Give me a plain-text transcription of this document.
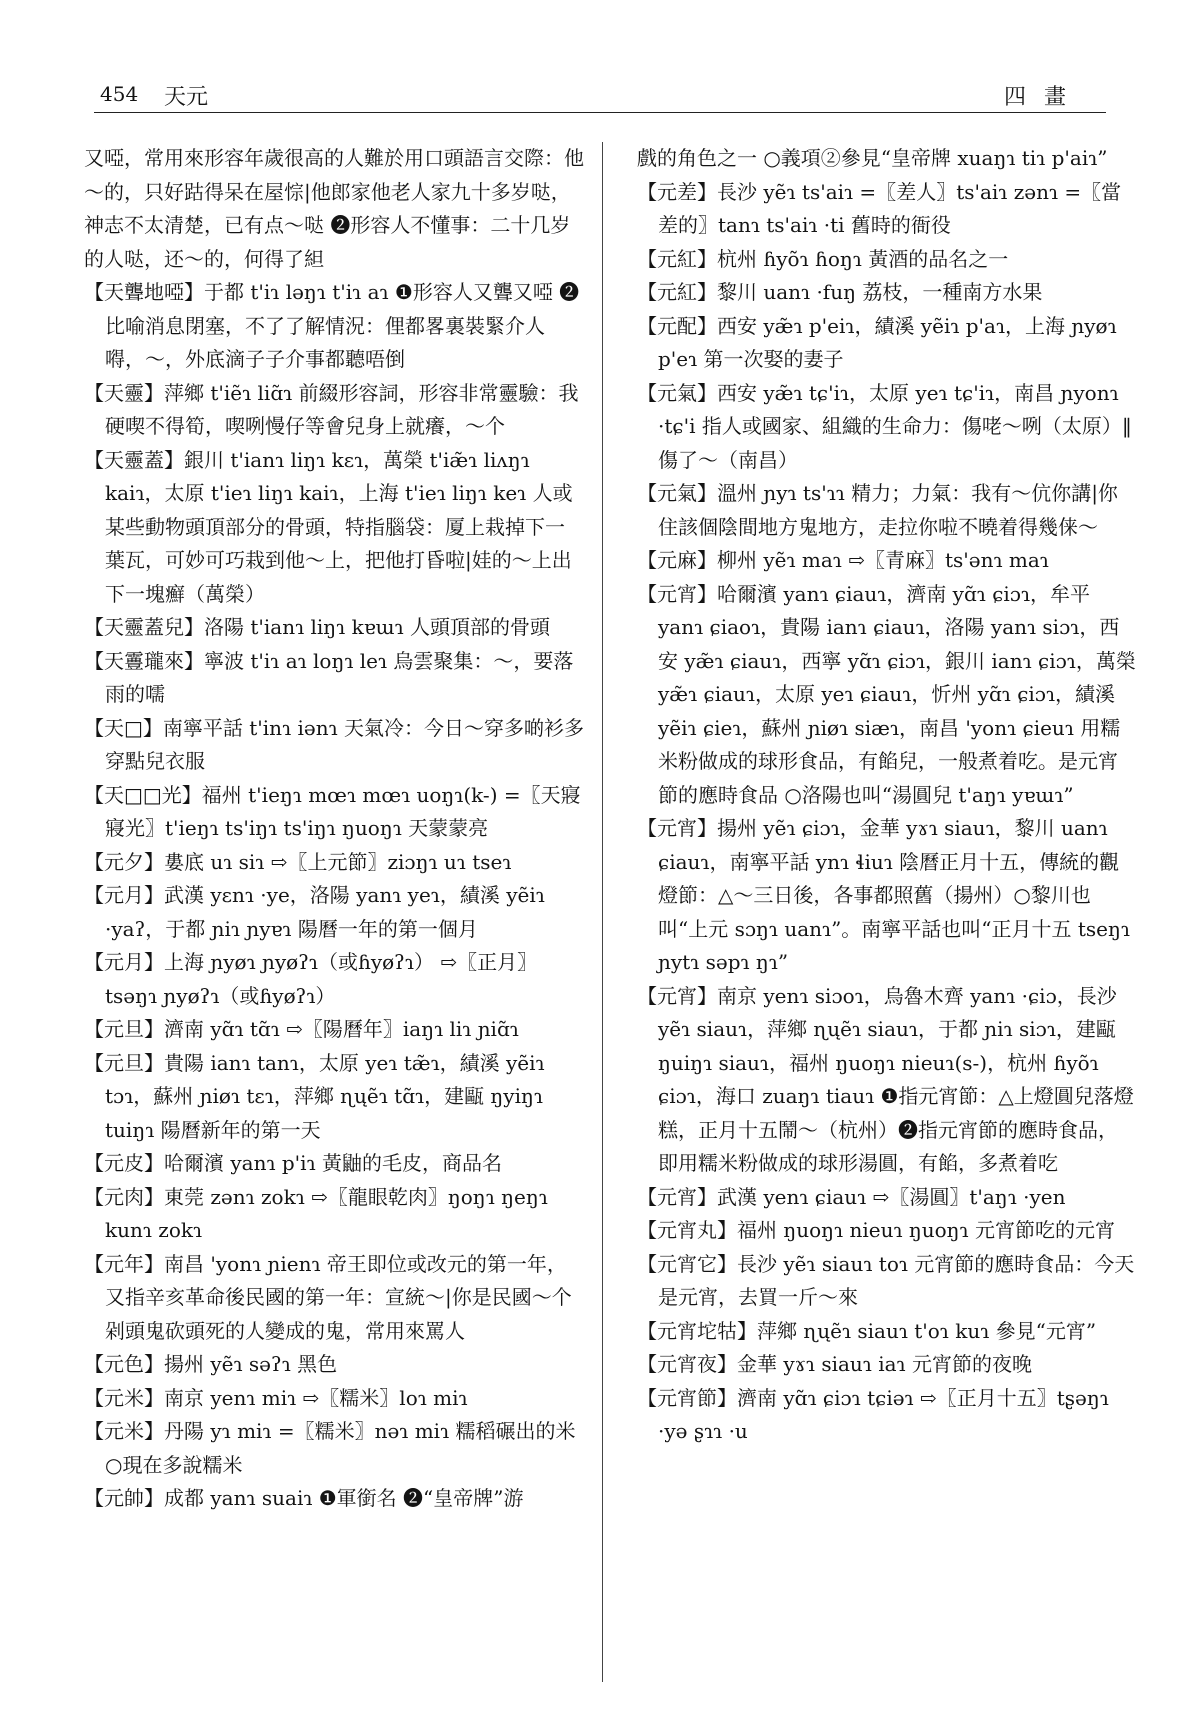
454 天元	四畫
又啞，常用來形容年歲很高的人難於用口頭語言交際：他～的，只好跍得呆在屋悰|他郎家他老人家九十多岁哒，神志不太清楚，已有点～哒 ❷形容人不懂事：二十几岁的人哒，还～的，何得了䋎
【天聾地啞】于都 t'iɿ ləŋɿ t'iɿ aɿ ❶形容人又聾又啞 ❷比喻消息閉塞，不了了解情況：俚都畧裏裝緊介人嘚，～，外底滴子子介事都聽唔倒
【天靈】萍鄉 t'iẽɿ liɑ̃ɿ 前綴形容詞，形容非常靈驗：我硬喫不得筍，喫咧慢仔等會兒身上就癢，～个
【天靈蓋】銀川 t'ianɿ liŋɿ kɛɿ，萬榮 t'iæ̃ɿ liʌŋɿ kaiɿ，太原 t'ieɿ liŋɿ kaiɿ，上海 t'ieɿ liŋɿ keɿ 人或某些動物頭頂部分的骨頭，特指腦袋：厦上栽掉下一葉瓦，可妙可巧栽到他～上，把他打昏啦|娃的～上出下一塊癬（萬榮）
【天靈蓋兒】洛陽 t'ianɿ liŋɿ kɐɯɿ 人頭頂部的骨頭
【天霻瓏來】寧波 t'iɿ aɿ loŋɿ leɿ 烏雲聚集：～，要落雨的嚅
【天□】南寧平話 t'inɿ iənɿ 天氣冷：今日～穿多啲衫多穿點兒衣服
【天□□光】福州 t'ieŋɿ mœɿ mœɿ uoŋɿ(k-) =〖天寢寢光〗t'ieŋɿ ts'iŋɿ ts'iŋɿ ŋuoŋɿ 天蒙蒙亮
【元夕】婁底 uɿ siɿ ⇨〖上元節〗ziɔŋɿ uɿ tseɿ
【元月】武漢 yɛnɿ ·ye，洛陽 yanɿ yeɿ，績溪 yẽiɿ ·yaʔ，于都 ɲiɿ ɲyɐɿ 陽曆一年的第一個月
【元月】上海 ɲyøɿ ɲyøʔɿ（或ɦyøʔɿ） ⇨〖正月〗tsəŋɿ ɲyøʔɿ（或ɦyøʔɿ）
【元旦】濟南 yɑ̃ɿ tɑ̃ɿ ⇨〖陽曆年〗iaŋɿ liɿ ɲiɑ̃ɿ
【元旦】貴陽 ianɿ tanɿ，太原 yeɿ tæ̃ɿ，績溪 yẽiɿ tɔɿ，蘇州 ɲiøɿ tɛɿ，萍鄉 ɳųẽɿ tɑ̃ɿ，建甌 ŋyiŋɿ tuiŋɿ 陽曆新年的第一天
【元皮】哈爾濱 yanɿ p'iɿ 黃鼬的毛皮，商品名
【元肉】東莞 zənɿ zokɿ ⇨〖龍眼乾肉〗ŋoŋɿ ŋeŋɿ kunɿ zokɿ
【元年】南昌 'yonɿ ɲienɿ 帝王即位或改元的第一年，又指辛亥革命後民國的第一年：宣統～|你是民國～个剁頭鬼砍頭死的人變成的鬼，常用來罵人
【元色】揚州 yẽɿ səʔɿ 黑色
【元米】南京 yenɿ miɿ ⇨〖糯米〗loɿ miɿ
【元米】丹陽 yɿ miɿ =〖糯米〗nəɿ miɿ 糯稻碾出的米 ○現在多說糯米
【元帥】成都 yanɿ suaiɿ ❶軍銜名 ❷“皇帝牌”游
戲的角色之一 ○義項②參見“皇帝牌 xuaŋɿ tiɿ p'aiɿ”
【元差】長沙 yẽɿ ts'aiɿ =〖差人〗ts'aiɿ zənɿ =〖當差的〗tanɿ ts'aiɿ ·ti 舊時的衙役
【元紅】杭州 ɦyõɿ ɦoŋɿ 黃酒的品名之一
【元紅】黎川 uanɿ ·fuŋ 荔枝，一種南方水果
【元配】西安 yæ̃ɿ p'eiɿ，績溪 yẽiɿ p'aɿ，上海 ɲyøɿ p'eɿ 第一次娶的妻子
【元氣】西安 yæ̃ɿ tɕ'iɿ，太原 yeɿ tɕ'iɿ，南昌 ɲyonɿ ·tɕ'i 指人或國家、組織的生命力：傷咾～咧（太原）‖傷了～（南昌）
【元氣】溫州 ɲyɿ ts'ɿɿ 精力；力氣：我有～伉你講|你住該個陰間地方鬼地方，走拉你啦不曉着得幾俫～
【元麻】柳州 yẽɿ maɿ ⇨〖青麻〗ts'ənɿ maɿ
【元宵】哈爾濱 yanɿ ɕiauɿ，濟南 yɑ̃ɿ ɕiɔɿ，牟平 yanɿ ɕiaoɿ，貴陽 ianɿ ɕiauɿ，洛陽 yanɿ siɔɿ，西安 yæ̃ɿ ɕiauɿ，西寧 yɑ̃ɿ ɕiɔɿ，銀川 ianɿ ɕiɔɿ，萬榮 yæ̃ɿ ɕiauɿ，太原 yeɿ ɕiauɿ，忻州 yɑ̃ɿ ɕiɔɿ，績溪 yẽiɿ ɕieɿ，蘇州 ɲiøɿ siæɿ，南昌 'yonɿ ɕieuɿ 用糯米粉做成的球形食品，有餡兒，一般煮着吃。是元宵節的應時食品 ○洛陽也叫“湯圓兒 t'aŋɿ yɐɯɿ”
【元宵】揚州 yẽɿ ɕiɔɿ，金華 yɤɿ siauɿ，黎川 uanɿ ɕiauɿ，南寧平話 ynɿ ɬiuɿ 陰曆正月十五，傳統的觀燈節：△～三日後，各事都照舊（揚州）○黎川也叫“上元 sɔŋɿ uanɿ”。南寧平話也叫“正月十五 tseŋɿ ɲytɿ səpɿ ŋɿ”
【元宵】南京 yenɿ siɔoɿ，烏魯木齊 yanɿ ·ɕiɔ，長沙 yẽɿ siauɿ，萍鄉 ɳųẽɿ siauɿ，于都 ɲiɿ siɔɿ，建甌 ŋuiŋɿ siauɿ，福州 ŋuoŋɿ nieuɿ(s-)，杭州 ɦyõɿ ɕiɔɿ，海口 zuaŋɿ tiauɿ ❶指元宵節：△上燈圓兒落燈糕，正月十五鬧～（杭州）❷指元宵節的應時食品，即用糯米粉做成的球形湯圓，有餡，多煮着吃
【元宵】武漢 yenɿ ɕiauɿ ⇨〖湯圓〗t'aŋɿ ·yen
【元宵丸】福州 ŋuoŋɿ nieuɿ ŋuoŋɿ 元宵節吃的元宵
【元宵它】長沙 yẽɿ siauɿ toɿ 元宵節的應時食品：今天是元宵，去買一斤～來
【元宵坨牯】萍鄉 ɳųẽɿ siauɿ t'oɿ kuɿ 參見“元宵”
【元宵夜】金華 yɤɿ siauɿ iaɿ 元宵節的夜晚
【元宵節】濟南 yɑ̃ɿ ɕiɔɿ tɕiəɿ ⇨〖正月十五〗tʂəŋɿ ·yə ʂɿɿ ·u
